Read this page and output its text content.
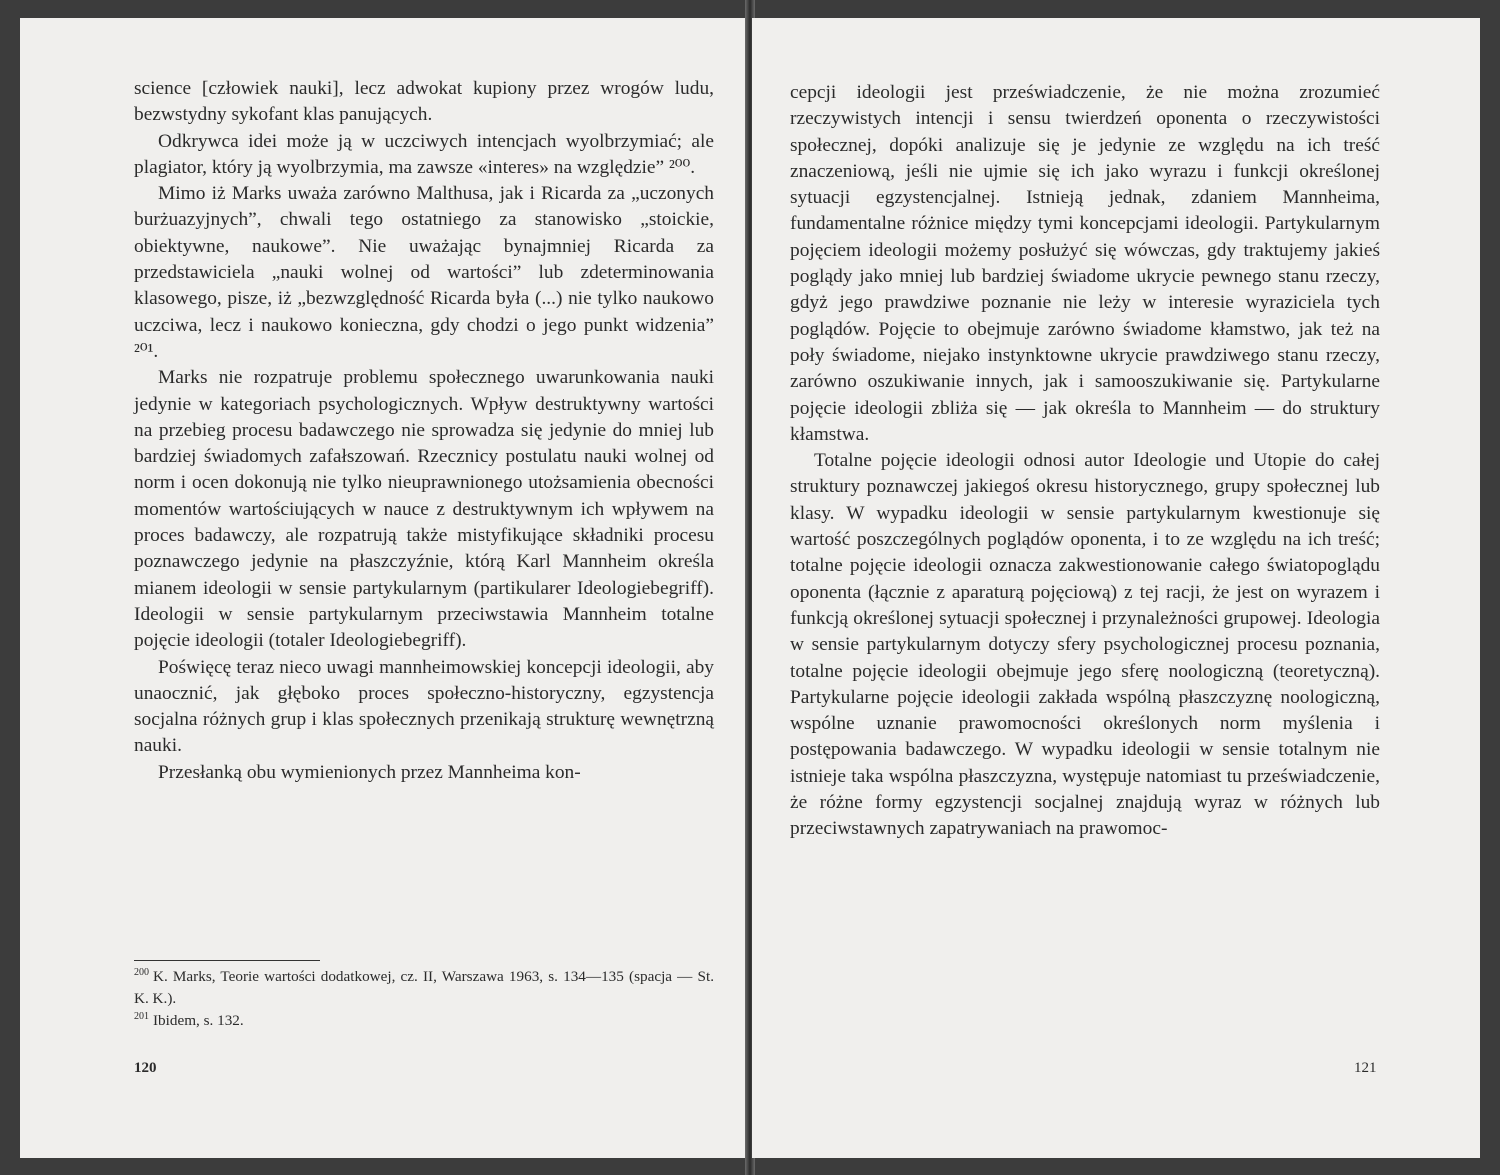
science [człowiek nauki], lecz adwokat kupiony przez wrogów ludu, bezwstydny sykofant klas panujących.

Odkrywca idei może ją w uczciwych intencjach wyolbrzymiać; ale plagiator, który ją wyolbrzymia, ma zawsze «interes» na względzie” ²⁰⁰.

Mimo iż Marks uważa zarówno Malthusa, jak i Ricarda za „uczonych burżuazyjnych”, chwali tego ostatniego za stanowisko „stoickie, obiektywne, naukowe”. Nie uważając bynajmniej Ricarda za przedstawiciela „nauki wolnej od wartości” lub zdeterminowania klasowego, pisze, iż „bezwzględność Ricarda była (...) nie tylko naukowo uczciwa, lecz i naukowo konieczna, gdy chodzi o jego punkt widzenia” ²⁰¹.

Marks nie rozpatruje problemu społecznego uwarunkowania nauki jedynie w kategoriach psychologicznych. Wpływ destruktywny wartości na przebieg procesu badawczego nie sprowadza się jedynie do mniej lub bardziej świadomych zafałszowań. Rzecznicy postulatu nauki wolnej od norm i ocen dokonują nie tylko nieuprawnionego utożsamienia obecności momentów wartościujących w nauce z destruktywnym ich wpływem na proces badawczy, ale rozpatrują także mistyfikujące składniki procesu poznawczego jedynie na płaszczyźnie, którą Karl Mannheim określa mianem ideologii w sensie partykularnym (partikularer Ideologiebegriff). Ideologii w sensie partykularnym przeciwstawia Mannheim totalne pojęcie ideologii (totaler Ideologiebegriff).

Poświęcę teraz nieco uwagi mannheimowskiej koncepcji ideologii, aby unaocznić, jak głęboko proces społeczno-historyczny, egzystencja socjalna różnych grup i klas społecznych przenikają strukturę wewnętrzną nauki.

Przesłanką obu wymienionych przez Mannheima kon-

$^{200}$ K. Marks, Teorie wartości dodatkowej, cz. II, Warszawa 1963, s. 134—135 (spacja — St. K. K.).

$^{201}$ Ibidem, s. 132.

120

cepcji ideologii jest przeświadczenie, że nie można zrozumieć rzeczywistych intencji i sensu twierdzeń oponenta o rzeczywistości społecznej, dopóki analizuje się je jedynie ze względu na ich treść znaczeniową, jeśli nie ujmie się ich jako wyrazu i funkcji określonej sytuacji egzystencjalnej. Istnieją jednak, zdaniem Mannheima, fundamentalne różnice między tymi koncepcjami ideologii. Partykularnym pojęciem ideologii możemy posłużyć się wówczas, gdy traktujemy jakieś poglądy jako mniej lub bardziej świadome ukrycie pewnego stanu rzeczy, gdyż jego prawdziwe poznanie nie leży w interesie wyraziciela tych poglądów. Pojęcie to obejmuje zarówno świadome kłamstwo, jak też na poły świadome, niejako instynktowne ukrycie prawdziwego stanu rzeczy, zarówno oszukiwanie innych, jak i samooszukiwanie się. Partykularne pojęcie ideologii zbliża się — jak określa to Mannheim — do struktury kłamstwa.

Totalne pojęcie ideologii odnosi autor Ideologie und Utopie do całej struktury poznawczej jakiegoś okresu historycznego, grupy społecznej lub klasy. W wypadku ideologii w sensie partykularnym kwestionuje się wartość poszczególnych poglądów oponenta, i to ze względu na ich treść; totalne pojęcie ideologii oznacza zakwestionowanie całego światopoglądu oponenta (łącznie z aparaturą pojęciową) z tej racji, że jest on wyrazem i funkcją określonej sytuacji społecznej i przynależności grupowej. Ideologia w sensie partykularnym dotyczy sfery psychologicznej procesu poznania, totalne pojęcie ideologii obejmuje jego sferę noologiczną (teoretyczną). Partykularne pojęcie ideologii zakłada wspólną płaszczyznę noologiczną, wspólne uznanie prawomocności określonych norm myślenia i postępowania badawczego. W wypadku ideologii w sensie totalnym nie istnieje taka wspólna płaszczyzna, występuje natomiast tu przeświadczenie, że różne formy egzystencji socjalnej znajdują wyraz w różnych lub przeciwstawnych zapatrywaniach na prawomoc-

121
